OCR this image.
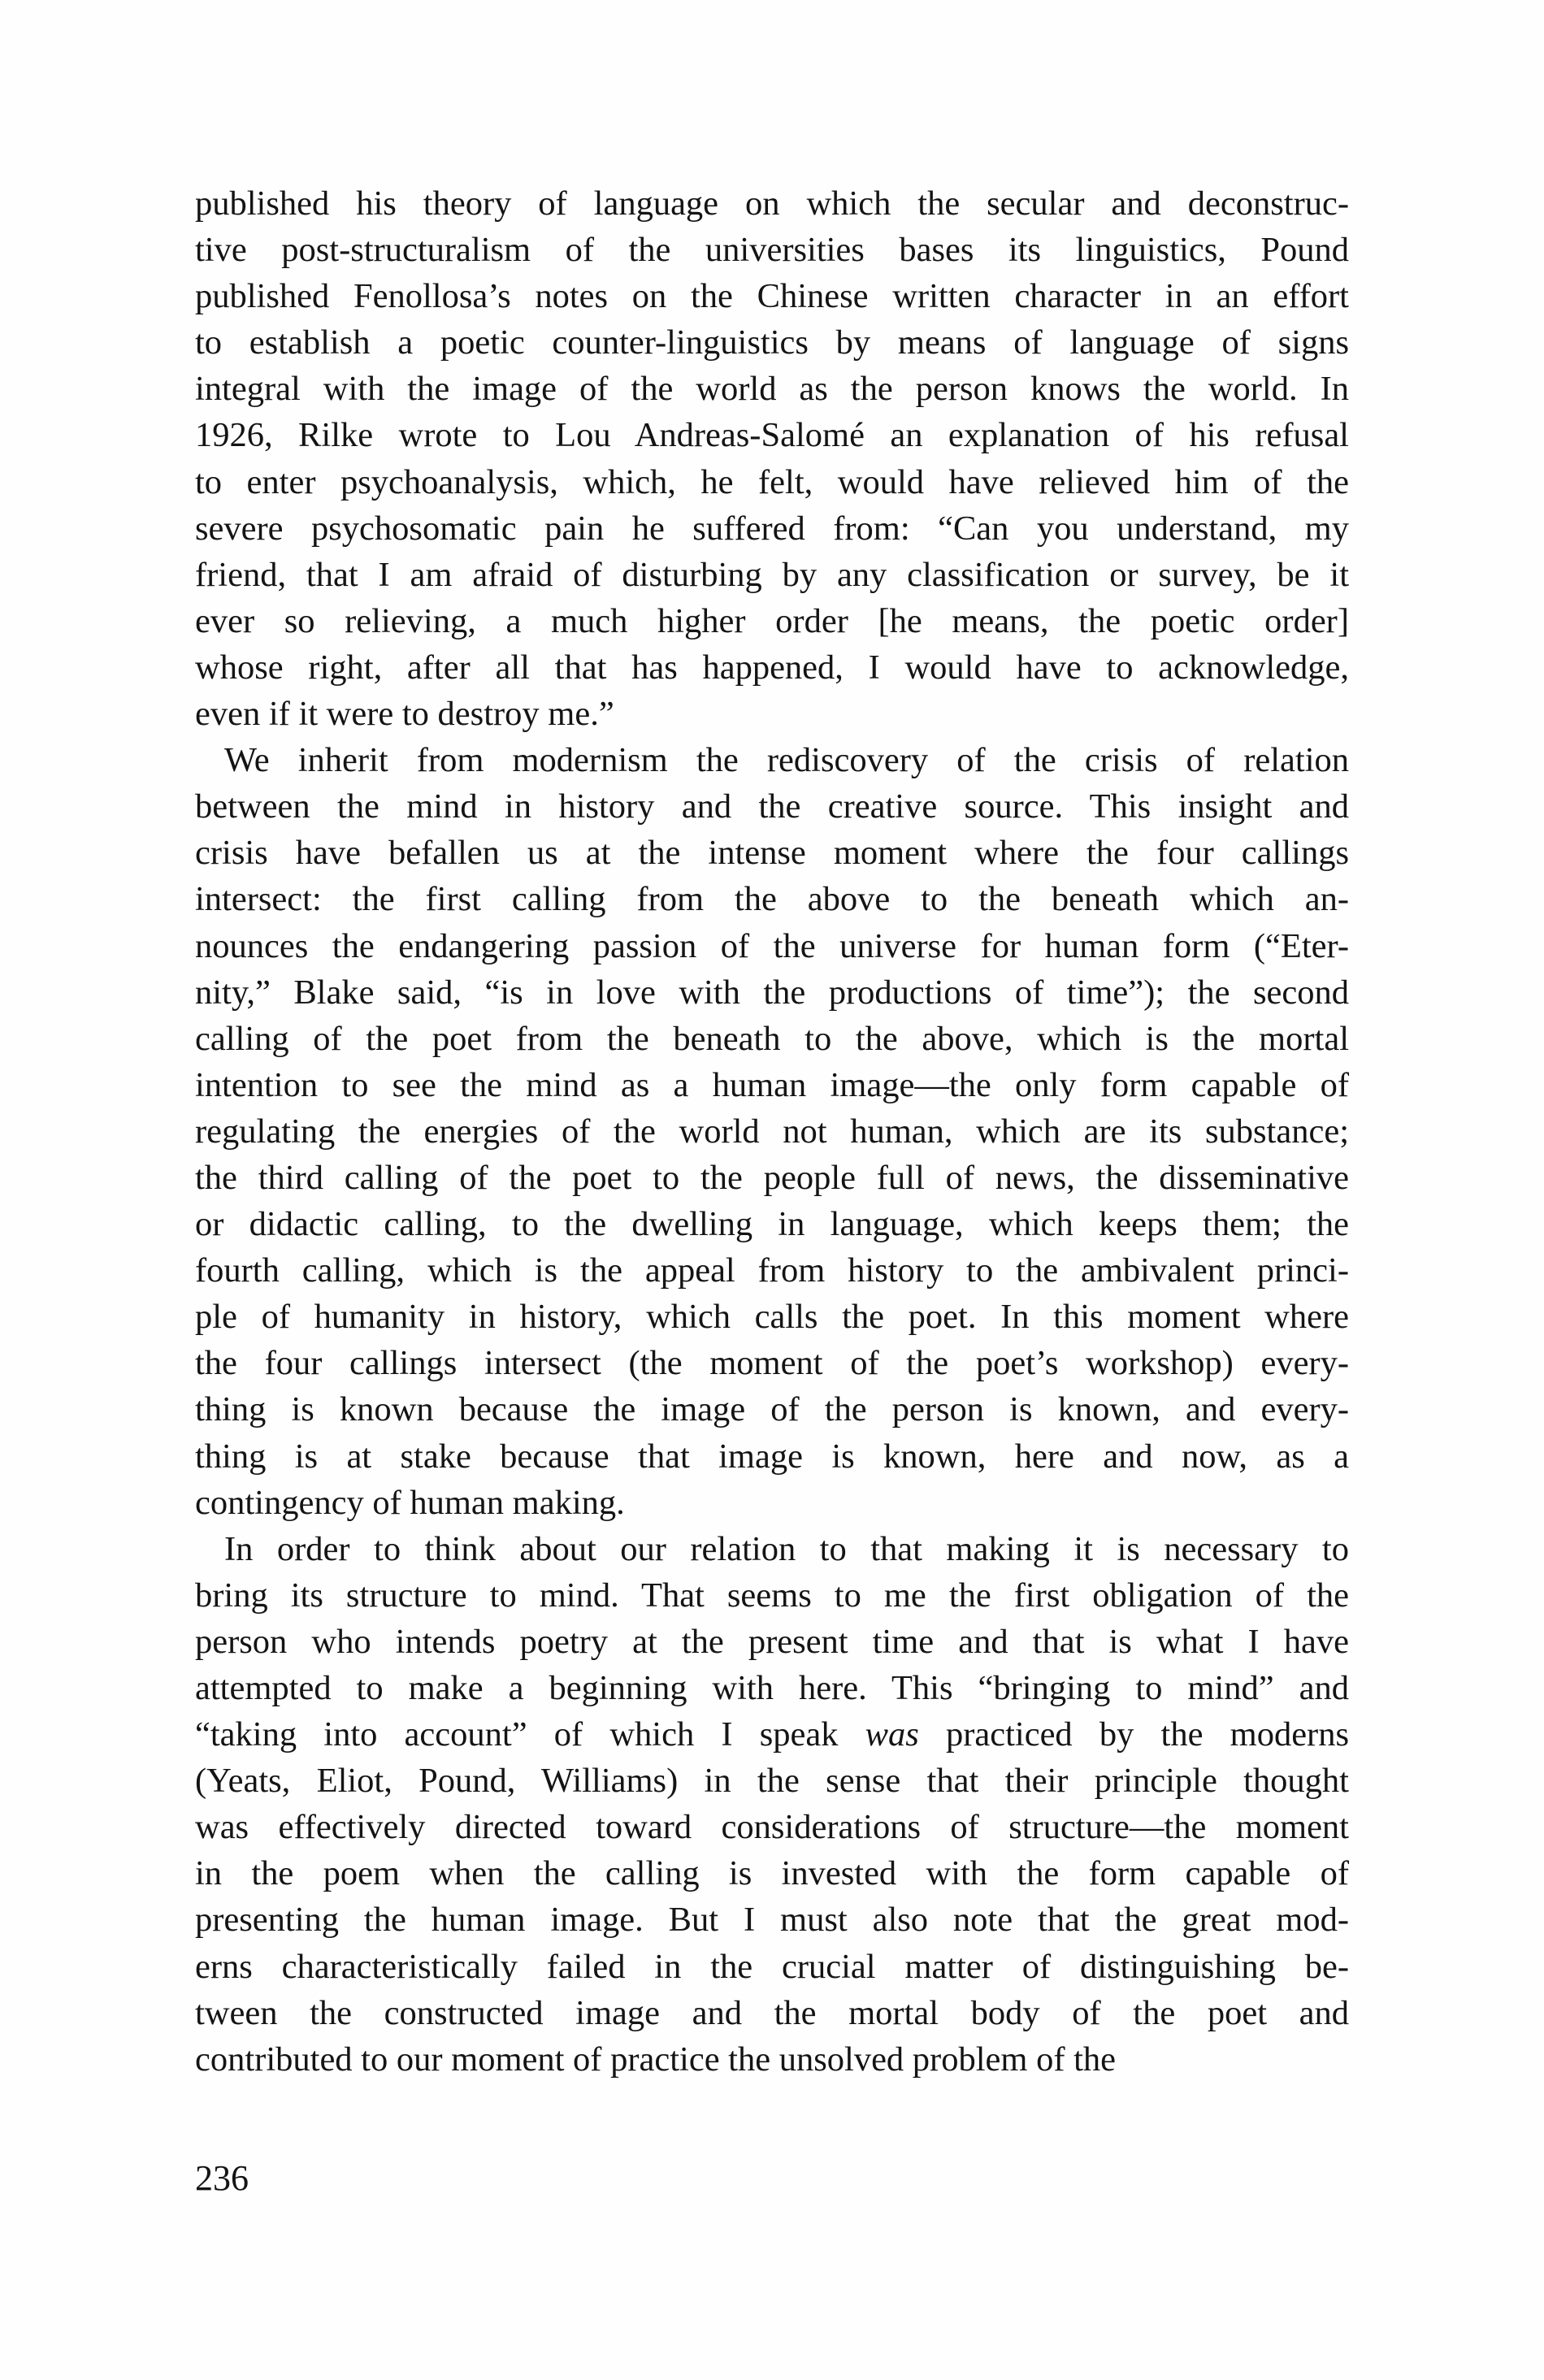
published his theory of language on which the secular and deconstruc-
tive post-structuralism of the universities bases its linguistics, Pound
published Fenollosa’s notes on the Chinese written character in an effort
to establish a poetic counter-linguistics by means of language of signs
integral with the image of the world as the person knows the world. In
1926, Rilke wrote to Lou Andreas-Salomé an explanation of his refusal
to enter psychoanalysis, which, he felt, would have relieved him of the
severe psychosomatic pain he suffered from: “Can you understand, my
friend, that I am afraid of disturbing by any classification or survey, be it
ever so relieving, a much higher order [he means, the poetic order]
whose right, after all that has happened, I would have to acknowledge,
even if it were to destroy me.”
We inherit from modernism the rediscovery of the crisis of relation
between the mind in history and the creative source. This insight and
crisis have befallen us at the intense moment where the four callings
intersect: the first calling from the above to the beneath which an-
nounces the endangering passion of the universe for human form (“Eter-
nity,” Blake said, “is in love with the productions of time”); the second
calling of the poet from the beneath to the above, which is the mortal
intention to see the mind as a human image—the only form capable of
regulating the energies of the world not human, which are its substance;
the third calling of the poet to the people full of news, the disseminative
or didactic calling, to the dwelling in language, which keeps them; the
fourth calling, which is the appeal from history to the ambivalent princi-
ple of humanity in history, which calls the poet. In this moment where
the four callings intersect (the moment of the poet’s workshop) every-
thing is known because the image of the person is known, and every-
thing is at stake because that image is known, here and now, as a
contingency of human making.
In order to think about our relation to that making it is necessary to
bring its structure to mind. That seems to me the first obligation of the
person who intends poetry at the present time and that is what I have
attempted to make a beginning with here. This “bringing to mind” and
“taking into account” of which I speak was practiced by the moderns
(Yeats, Eliot, Pound, Williams) in the sense that their principle thought
was effectively directed toward considerations of structure—the moment
in the poem when the calling is invested with the form capable of
presenting the human image. But I must also note that the great mod-
erns characteristically failed in the crucial matter of distinguishing be-
tween the constructed image and the mortal body of the poet and
contributed to our moment of practice the unsolved problem of the
236
